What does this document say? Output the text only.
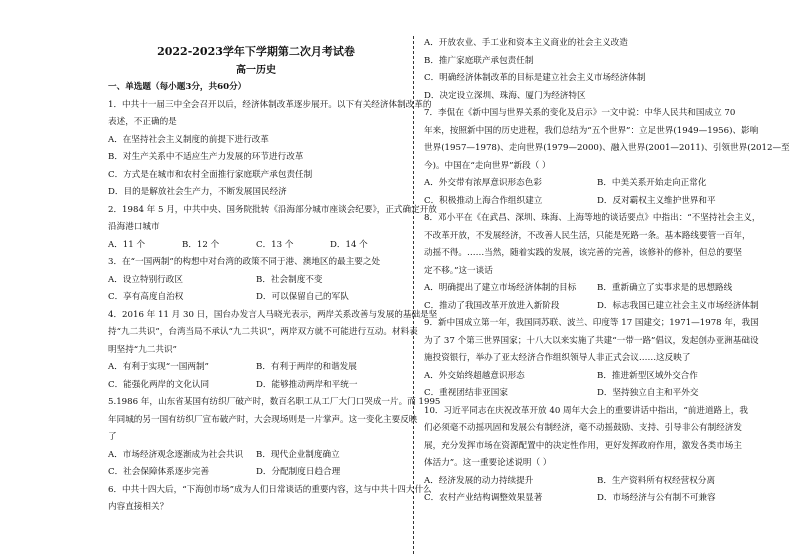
2022-2023学年下学期第二次月考试卷
高一历史
一、单选题（每小题3分，共60分）
1．中共十一届三中全会召开以后，经济体制改革逐步展开。以下有关经济体制改革的
表述，不正确的是
A．在坚持社会主义制度的前提下进行改革
B．对生产关系中不适应生产力发展的环节进行改革
C．方式是在城市和农村全面推行家庭联产承包责任制
D．目的是解放社会生产力，不断发展国民经济
2．1984 年 5 月，中共中央、国务院批转《沿海部分城市座谈会纪要》，正式确定开放
沿海港口城市
A．11 个	B．12 个	C．13 个	D．14 个
3．在“一国两制”的构想中对台湾的政策不同于港、澳地区的最主要之处
A．设立特别行政区	B．社会制度不变
C．享有高度自治权	D．可以保留自己的军队
4．2016 年 11 月 30 日，国台办发言人马晓光表示，两岸关系改善与发展的基础是坚
持“九二共识”，台湾当局不承认“九二共识”，两岸双方就不可能进行互动。材料表
明坚持“九二共识”
A．有利于实现“一国两制”	B．有利于两岸的和谐发展
C．能强化两岸的文化认同	D．能够推动两岸和平统一
5.1986 年，山东省某国有纺织厂破产时，数百名职工从工厂大门口哭成一片。而 1995
年同城的另一国有纺织厂宣布破产时，大会现场则是一片掌声。这一变化主要反映
了
A．市场经济观念逐渐成为社会共识	B．现代企业制度确立
C．社会保障体系逐步完善	D．分配制度日趋合理
6．中共十四大后，“下海创市场”成为人们日常谈话的重要内容，这与中共十四大什么
内容直接相关？
A．开放农业、手工业和资本主义商业的社会主义改造
B．推广家庭联产承包责任制
C．明确经济体制改革的目标是建立社会主义市场经济体制
D．决定设立深圳、珠海、厦门为经济特区
7．李侃在《新中国与世界关系的变化及启示》一文中说：中华人民共和国成立 70
年来，按照新中国的历史进程，我们总结为“五个世界”：立足世界(1949—1956)、影响
世界(1957—1978)、走向世界(1979—2000)、融入世界(2001—2011)、引领世界(2012—至
今)。中国在“走向世界”新段（ ）
A．外交带有浓厚意识形态色彩	B．中美关系开始走向正常化
C．积极推动上海合作组织建立	D．反对霸权主义维护世界和平
8．邓小平在《在武昌、深圳、珠海、上海等地的谈话要点》中指出：“不坚持社会主义，
不改革开放，不发展经济，不改善人民生活，只能是死路一条。基本路线要管一百年，
动摇不得。……当然，随着实践的发展，该完善的完善，该修补的修补，但总的要坚
定不移。”这一谈话
A．明确提出了建立市场经济体制的目标	B．重新确立了实事求是的思想路线
C．推动了我国改革开放进入新阶段	D．标志我国已建立社会主义市场经济体制
9．新中国成立第一年，我国同苏联、波兰、印度等 17 国建交；1971—1978 年，我国
为了 37 个第三世界国家；十八大以来实施了共建“一带一路”倡议，发起创办亚洲基础设
施投资银行，举办了亚太经济合作组织领导人非正式会议……这反映了
A．外交始终超越意识形态	B．推进新型区域外交合作
C．重视团结非亚国家	D．坚持独立自主和平外交
10．习近平同志在庆祝改革开放 40 周年大会上的重要讲话中指出，“前进道路上，我
们必须毫不动摇巩固和发展公有制经济，毫不动摇鼓励、支持、引导非公有制经济发
展，充分发挥市场在资源配置中的决定性作用，更好发挥政府作用，激发各类市场主
体活力”。这一重要论述说明（ ）
A．经济发展的动力持续提升	B．生产资料所有权经营权分离
C．农村产业结构调整效果显著	D．市场经济与公有制不可兼容
